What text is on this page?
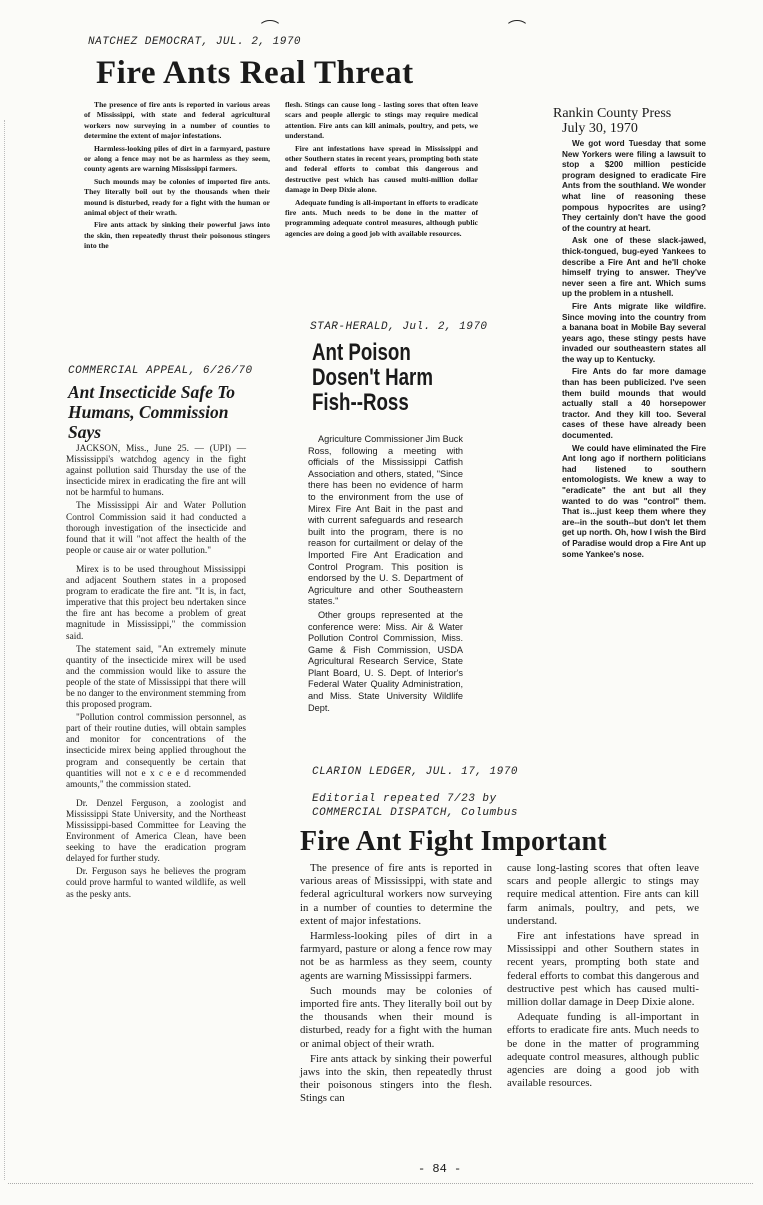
NATCHEZ DEMOCRAT, JUL. 2, 1970
Fire Ants Real Threat

The presence of fire ants is reported in various areas of Mississippi, with state and federal agricultural workers now surveying in a number of counties to determine the extent of major infestations.

Harmless-looking piles of dirt in a farmyard, pasture or along a fence may not be as harmless as they seem, county agents are warning Mississippi farmers.

Such mounds may be colonies of imported fire ants. They literally boil out by the thousands when their mound is disturbed, ready for a fight with the human or animal object of their wrath.

Fire ants attack by sinking their powerful jaws into the skin, then repeatedly thrust their poisonous stingers into the

flesh. Stings can cause long - lasting sores that often leave scars and people allergic to stings may require medical attention. Fire ants can kill animals, poultry, and pets, we understand.

Fire ant infestations have spread in Mississippi and other Southern states in recent years, prompting both state and federal efforts to combat this dangerous and destructive pest which has caused multi-million dollar damage in Deep Dixie alone.

Adequate funding is all-important in efforts to eradicate fire ants. Much needs to be done in the matter of programming adequate control measures, although public agencies are doing a good job with available resources.

COMMERCIAL APPEAL, 6/26/70
Ant Insecticide Safe To Humans, Commission Says

JACKSON, Miss., June 25. — (UPI) — Mississippi's watchdog agency in the fight against pollution said Thursday the use of the insecticide mirex in eradicating the fire ant will not be harmful to humans.

The Mississippi Air and Water Pollution Control Commission said it had conducted a thorough investigation of the insecticide and found that it will "not affect the health of the people or cause air or water pollution."

Mirex is to be used throughout Mississippi and adjacent Southern states in a proposed program to eradicate the fire ant. "It is, in fact, imperative that this project beu ndertaken since the fire ant has become a problem of great magnitude in Mississippi," the commission said.

The statement said, "An extremely minute quantity of the insecticide mirex will be used and the commission would like to assure the people of the state of Mississippi that there will be no danger to the environment stemming from this proposed program.

"Pollution control commission personnel, as part of their routine duties, will obtain samples and monitor for concentrations of the insecticide mirex being applied throughout the program and consequently be certain that quantities will not e x c e e d recommended amounts," the commission stated.

Dr. Denzel Ferguson, a zoologist and Mississippi State University, and the Northeast Mississippi-based Committee for Leaving the Environment of America Clean, have been seeking to have the eradication program delayed for further study.

Dr. Ferguson says he believes the program could prove harmful to wanted wildlife, as well as the pesky ants.

STAR-HERALD, Jul. 2, 1970
Ant Poison
Dosen't Harm
Fish--Ross

Agriculture Commissioner Jim Buck Ross, following a meeting with officials of the Mississippi Catfish Association and others, stated, "Since there has been no evidence of harm to the environment from the use of Mirex Fire Ant Bait in the past and with current safeguards and research built into the program, there is no reason for curtailment or delay of the Imported Fire Ant Eradication and Control Program. This position is endorsed by the U. S. Department of Agriculture and other Southeastern states."

Other groups represented at the conference were: Miss. Air & Water Pollution Control Commission, Miss. Game & Fish Commission, USDA Agricultural Research Service, State Plant Board, U. S. Dept. of Interior's Federal Water Quality Administration, and Miss. State University Wildlife Dept.

Rankin County Press
July 30, 1970

We got word Tuesday that some New Yorkers were filing a lawsuit to stop a $200 million pesticide program designed to eradicate Fire Ants from the southland. We wonder what line of reasoning these pompous hypocrites are using? They certainly don't have the good of the country at heart.

Ask one of these slack-jawed, thick-tongued, bug-eyed Yankees to describe a Fire Ant and he'll choke himself trying to answer. They've never seen a fire ant. Which sums up the problem in a ntushell.

Fire Ants migrate like wildfire. Since moving into the country from a banana boat in Mobile Bay several years ago, these stingy pests have invaded our southeastern states all the way up to Kentucky.

Fire Ants do far more damage than has been publicized. I've seen them build mounds that would actually stall a 40 horsepower tractor. And they kill too. Several cases of these have already been documented.

We could have eliminated the Fire Ant long ago if northern politicians had listened to southern entomologists. We knew a way to "eradicate" the ant but all they wanted to do was "control" them. That is...just keep them where they are--in the south--but don't let them get up north. Oh, how I wish the Bird of Paradise would drop a Fire Ant up some Yankee's nose.

CLARION LEDGER, JUL. 17, 1970
Editorial repeated 7/23 by
COMMERCIAL DISPATCH, Columbus
Fire Ant Fight Important

The presence of fire ants is reported in various areas of Mississippi, with state and federal agricultural workers now surveying in a number of counties to determine the extent of major infestations.

Harmless-looking piles of dirt in a farmyard, pasture or along a fence row may not be as harmless as they seem, county agents are warning Mississippi farmers.

Such mounds may be colonies of imported fire ants. They literally boil out by the thousands when their mound is disturbed, ready for a fight with the human or animal object of their wrath.

Fire ants attack by sinking their powerful jaws into the skin, then repeatedly thrust their poisonous stingers into the flesh. Stings can

cause long-lasting scores that often leave scars and people allergic to stings may require medical attention. Fire ants can kill farm animals, poultry, and pets, we understand.

Fire ant infestations have spread in Mississippi and other Southern states in recent years, prompting both state and federal efforts to combat this dangerous and destructive pest which has caused multi-million dollar damage in Deep Dixie alone.

Adequate funding is all-important in efforts to eradicate fire ants. Much needs to be done in the matter of programming adequate control measures, although public agencies are doing a good job with available resources.

- 84 -
